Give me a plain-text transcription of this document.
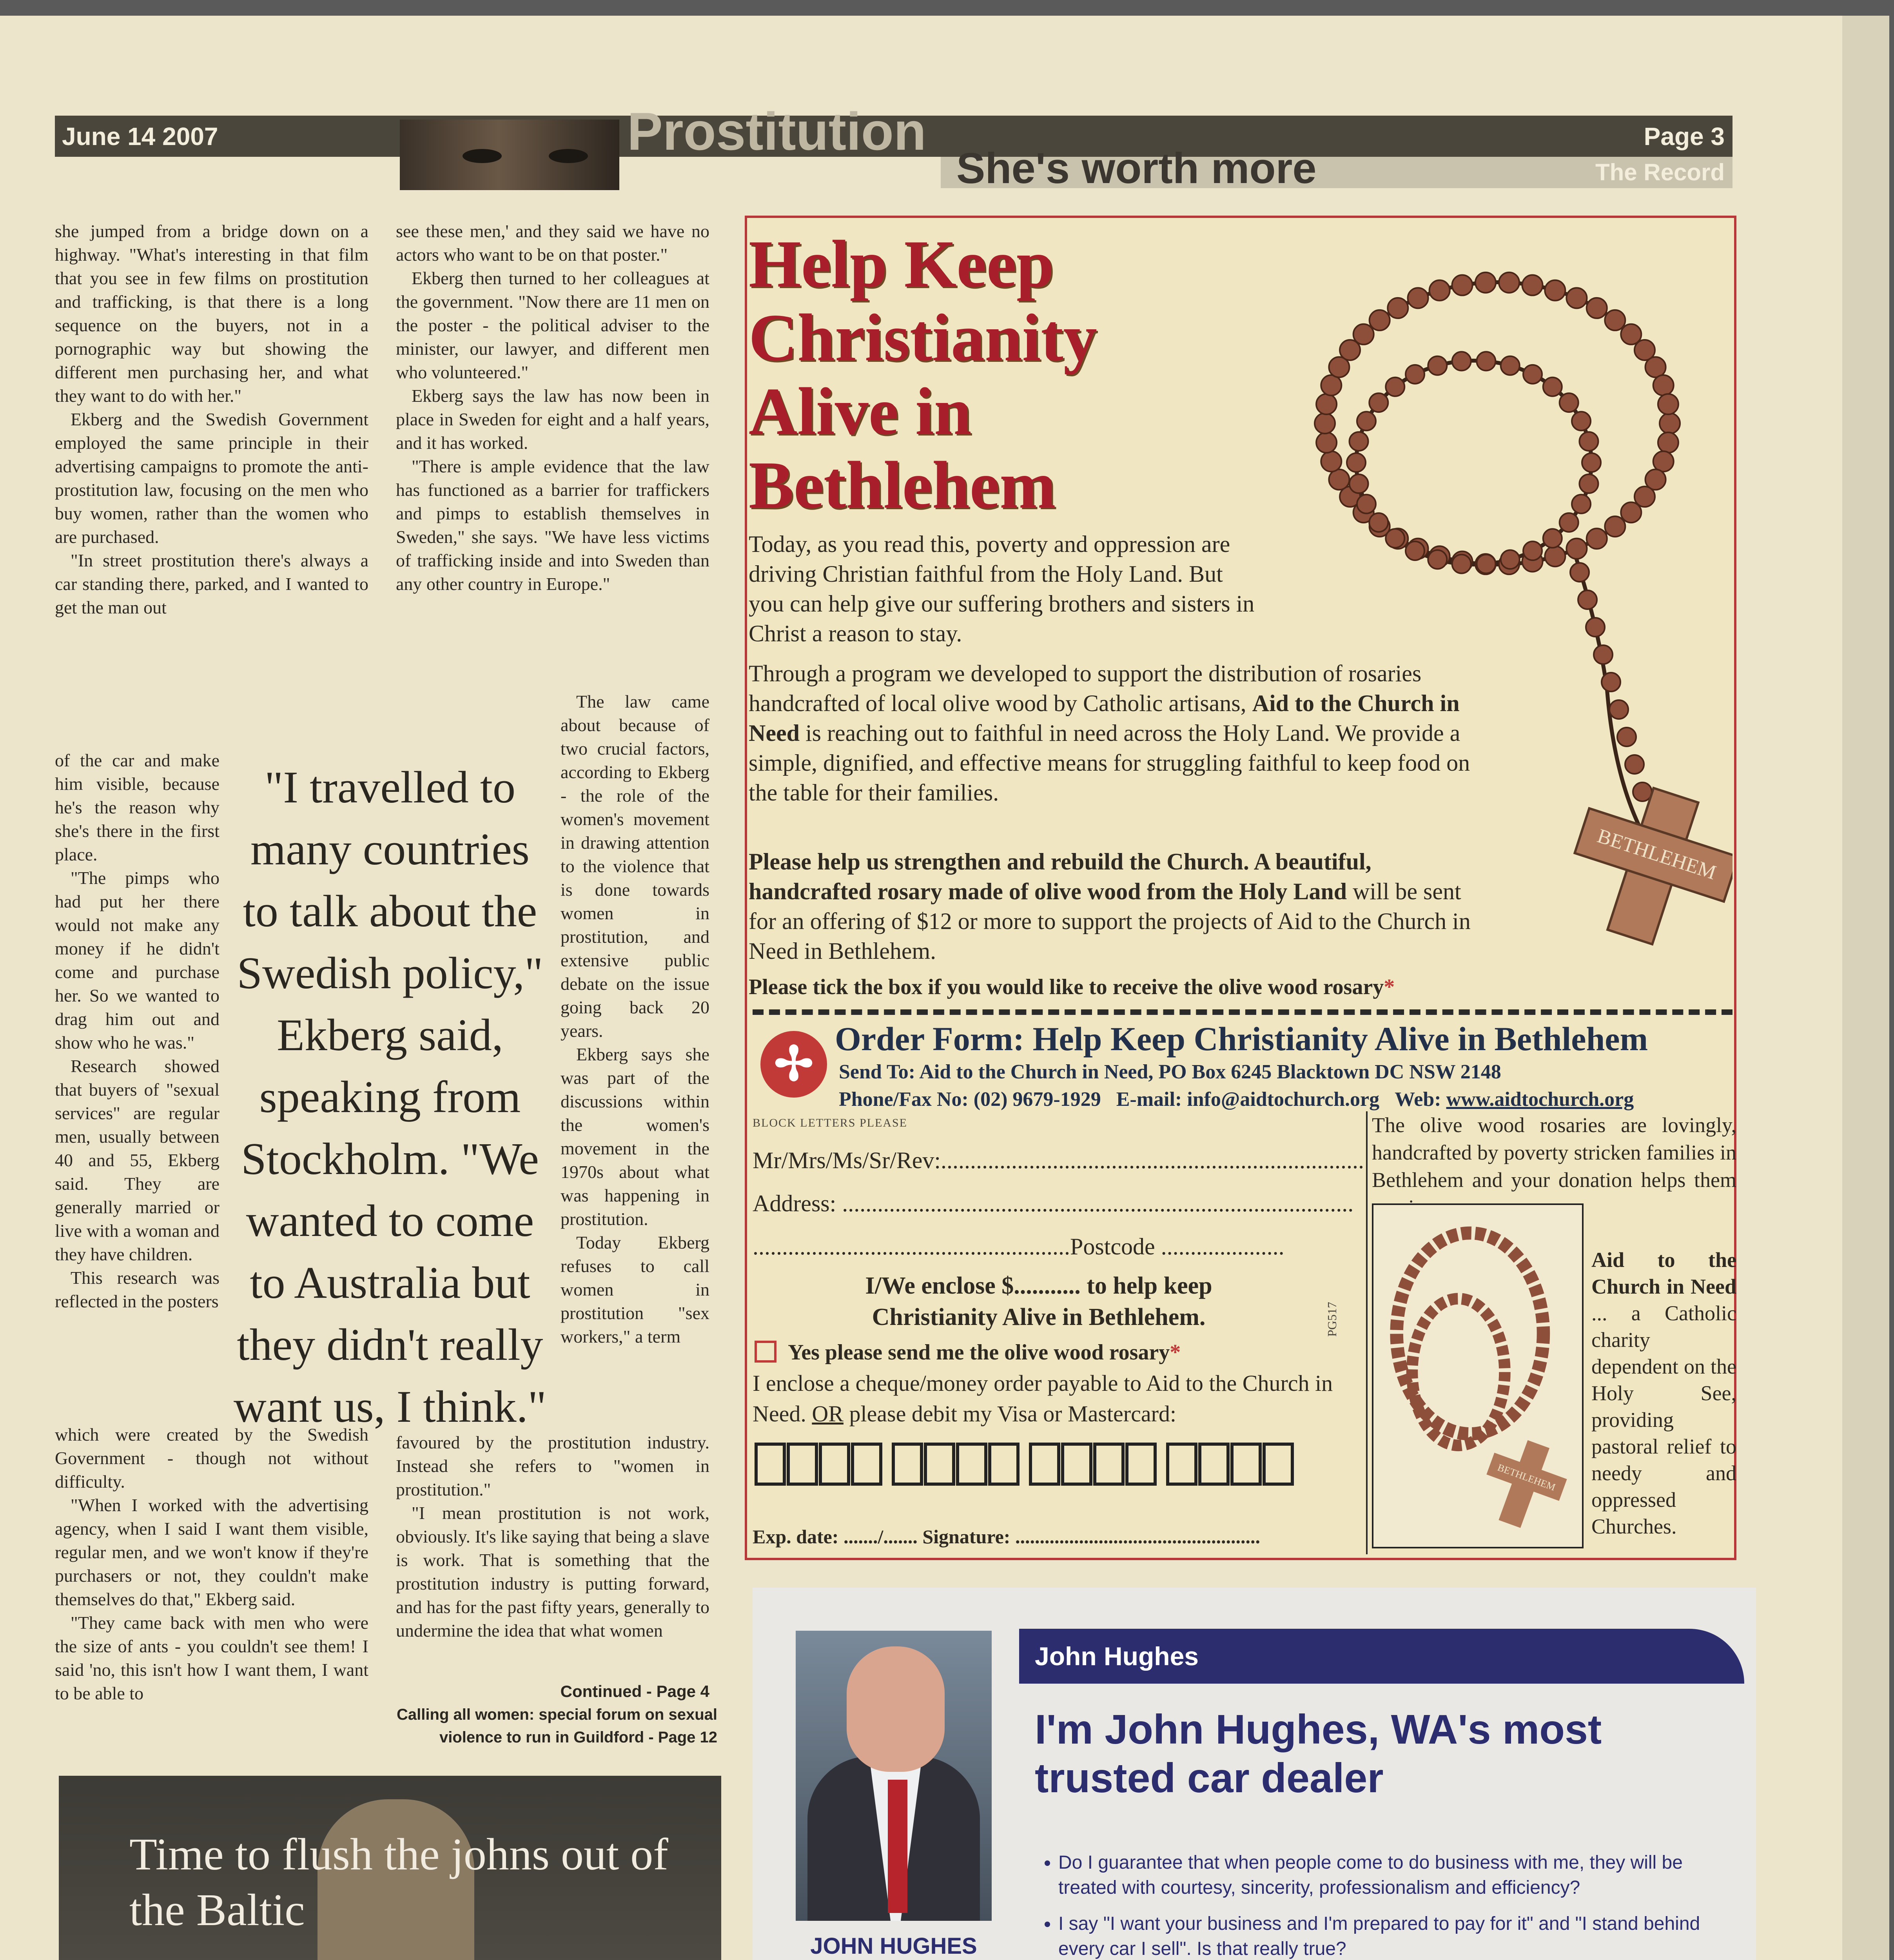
June 14 2007	Prostitution
She's worth more
Page 3
The Record

she jumped from a bridge down on a highway. "What's interesting in that film that you see in few films on prostitution and trafficking, is that there is a long sequence on the buyers, not in a pornographic way but showing the different men purchasing her, and what they want to do with her."

Ekberg and the Swedish Government employed the same principle in their advertising campaigns to promote the anti-prostitution law, focusing on the men who buy women, rather than the women who are purchased.

"In street prostitution there's always a car standing there, parked, and I wanted to get the man out

of the car and make him visible, because he's the reason why she's there in the first place.

"The pimps who had put her there would not make any money if he didn't come and purchase her. So we wanted to drag him out and show who he was."

Research showed that buyers of "sexual services" are regular men, usually between 40 and 55, Ekberg said. They are generally married or live with a woman and they have children.

This research was reflected in the posters

which were created by the Swedish Government - though not without difficulty.

"When I worked with the advertising agency, when I said I want them visible, regular men, and we won't know if they're purchasers or not, they couldn't make themselves do that," Ekberg said.

"They came back with men who were the size of ants - you couldn't see them! I said 'no, this isn't how I want them, I want to be able to

see these men,' and they said we have no actors who want to be on that poster."

Ekberg then turned to her colleagues at the government. "Now there are 11 men on the poster - the political adviser to the minister, our lawyer, and different men who volunteered."

Ekberg says the law has now been in place in Sweden for eight and a half years, and it has worked.

"There is ample evidence that the law has functioned as a barrier for traffickers and pimps to establish themselves in Sweden," she says. "We have less victims of trafficking inside and into Sweden than any other country in Europe."

The law came about because of two crucial factors, according to Ekberg - the role of the women's movement in drawing attention to the violence that is done towards women in prostitution, and extensive public debate on the issue going back 20 years.

Ekberg says she was part of the discussions within the women's movement in the 1970s about what was happening in prostitution.

Today Ekberg refuses to call women in prostitution "sex workers," a term

favoured by the prostitution industry. Instead she refers to "women in prostitution."

"I mean prostitution is not work, obviously. It's like saying that being a slave is work. That is something that the prostitution industry is putting forward, and has for the past fifty years, generally to undermine the idea that what women

"I travelled to many countries to talk about the Swedish policy," Ekberg said, speaking from Stockholm. "We wanted to come to Australia but they didn't really want us, I think."
Continued - Page 4
Calling all women: special forum on sexual violence to run in Guildford - Page 12
Time to flush the johns out of the Baltic
Help Keep Christianity Alive in Bethlehem
Today, as you read this, poverty and oppression are driving Christian faithful from the Holy Land. But you can help give our suffering brothers and sisters in Christ a reason to stay.
Through a program we developed to support the distribution of rosaries handcrafted of local olive wood by Catholic artisans, Aid to the Church in Need is reaching out to faithful in need across the Holy Land. We provide a simple, dignified, and effective means for struggling faithful to keep food on the table for their families.
Please help us strengthen and rebuild the Church. A beautiful, handcrafted rosary made of olive wood from the Holy Land will be sent for an offering of $12 or more to support the projects of Aid to the Church in Need in Bethlehem.
Please tick the box if you would like to receive the olive wood rosary*
BETHLEHEM
✢ Order Form: Help Keep Christianity Alive in Bethlehem
Send To: Aid to the Church in Need, PO Box 6245 Blacktown DC NSW 2148
Phone/Fax No: (02) 9679-1929 E-mail: info@aidtochurch.org Web: www.aidtochurch.org
BLOCK LETTERS PLEASE
Mr/Mrs/Ms/Sr/Rev:........................................................................
Address: .......................................................................................
......................................................Postcode .....................
I/We enclose $........... to help keep
Christianity Alive in Bethlehem.	PG517
Yes please send me the olive wood rosary*
I enclose a cheque/money order payable to Aid to the Church in Need. OR please debit my Visa or Mastercard:
Exp. date: ......./....... Signature: ..................................................
The olive wood rosaries are lovingly, handcrafted by poverty stricken families in Bethlehem and your donation helps them survive.
BETHLEHEM
Aid to the Church in Need ... a Catholic charity dependent on the Holy See, providing pastoral relief to needy and oppressed Churches.
John Hughes
JOHN HUGHES
I'm John Hughes, WA's most trusted car dealer
• Do I guarantee that when people come to do business with me, they will be treated with courtesy, sincerity, professionalism and efficiency?
• I say "I want your business and I'm prepared to pay for it" and "I stand behind every car I sell". Is that really true?
